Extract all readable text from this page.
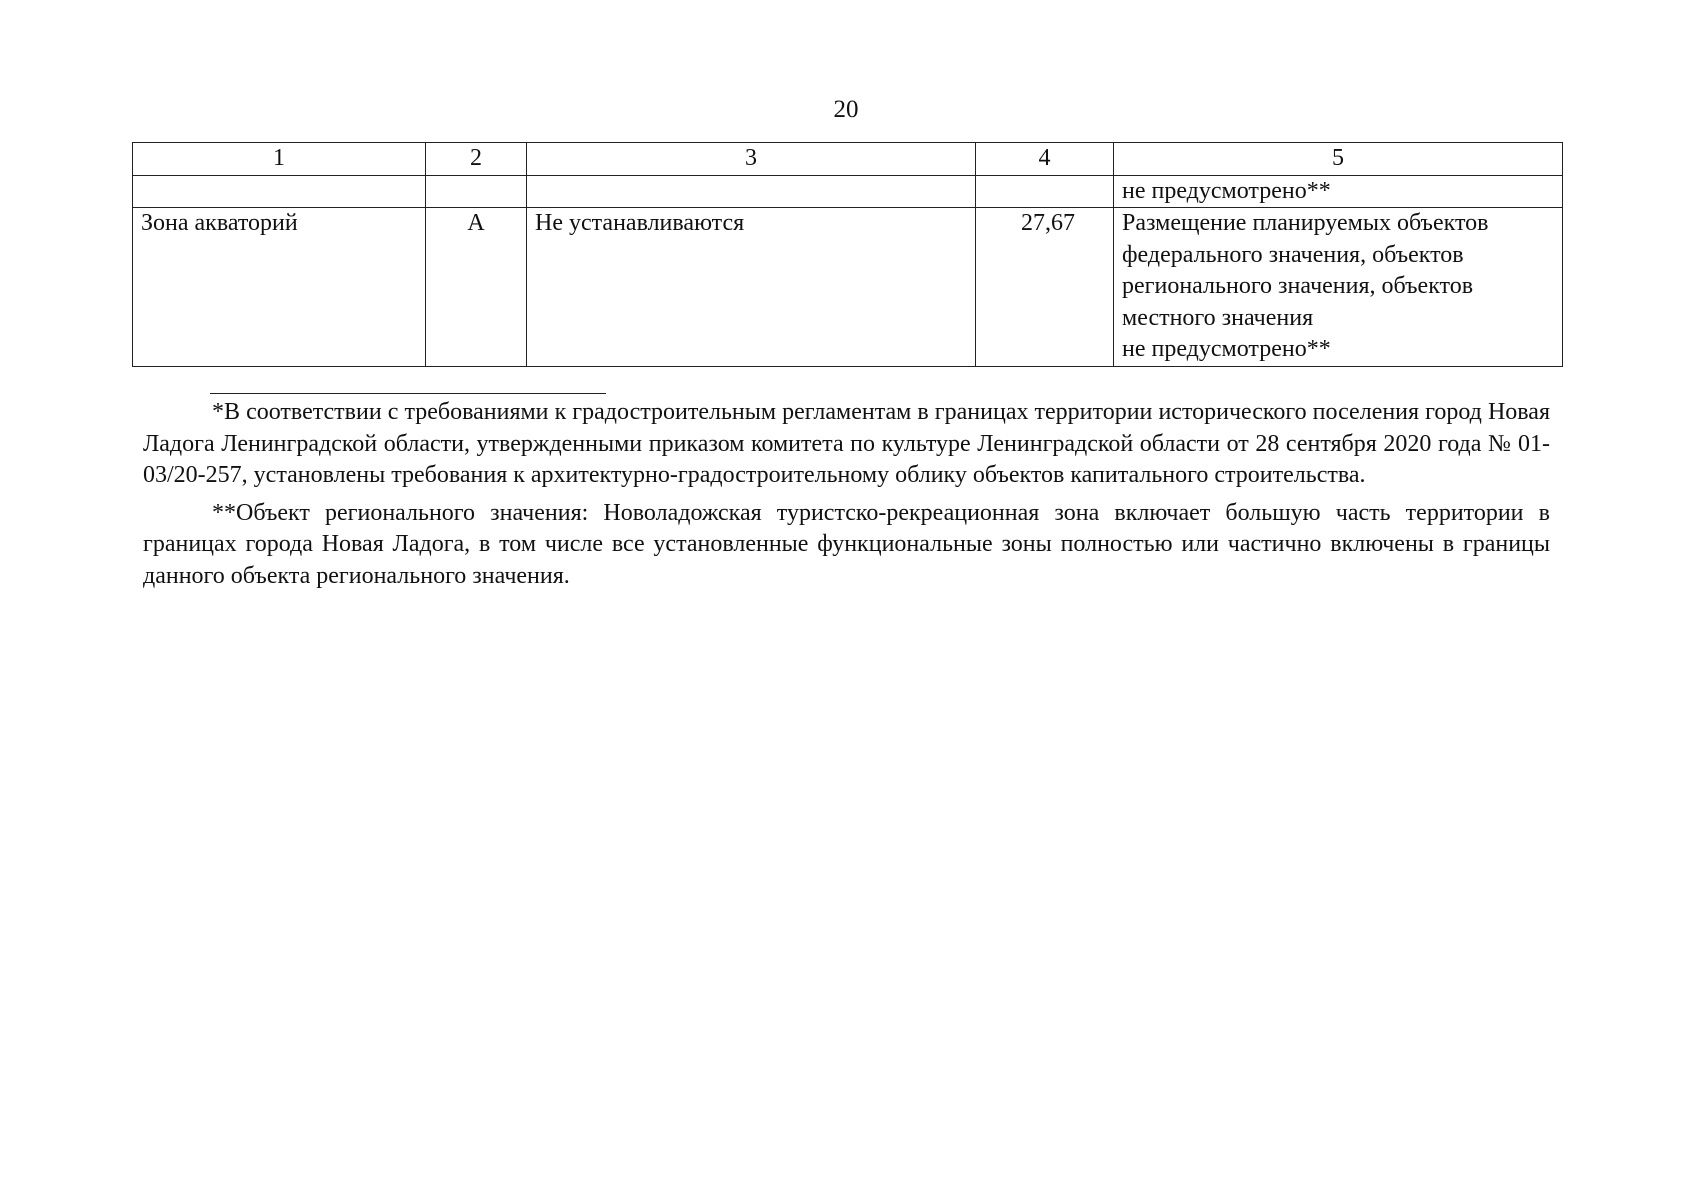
20
1	2	3	4	5
				не предусмотрено**
Зона акваторий	А	Не устанавливаются	27,67	Размещение планируемых объектов
федерального значения, объектов
регионального значения, объектов
местного значения
не предусмотрено**

*В соответствии с требованиями к градостроительным регламентам в границах территории исторического поселения город Новая Ладога Ленинградской области, утвержденными приказом комитета по культуре Ленинградской области от 28 сентября 2020 года № 01-03/20-257, установлены требования к архитектурно-градостроительному облику объектов капитального строительства.

**Объект регионального значения: Новоладожская туристско-рекреационная зона включает большую часть территории в границах города Новая Ладога, в том числе все установленные функциональные зоны полностью или частично включены в границы данного объекта регионального значения.
